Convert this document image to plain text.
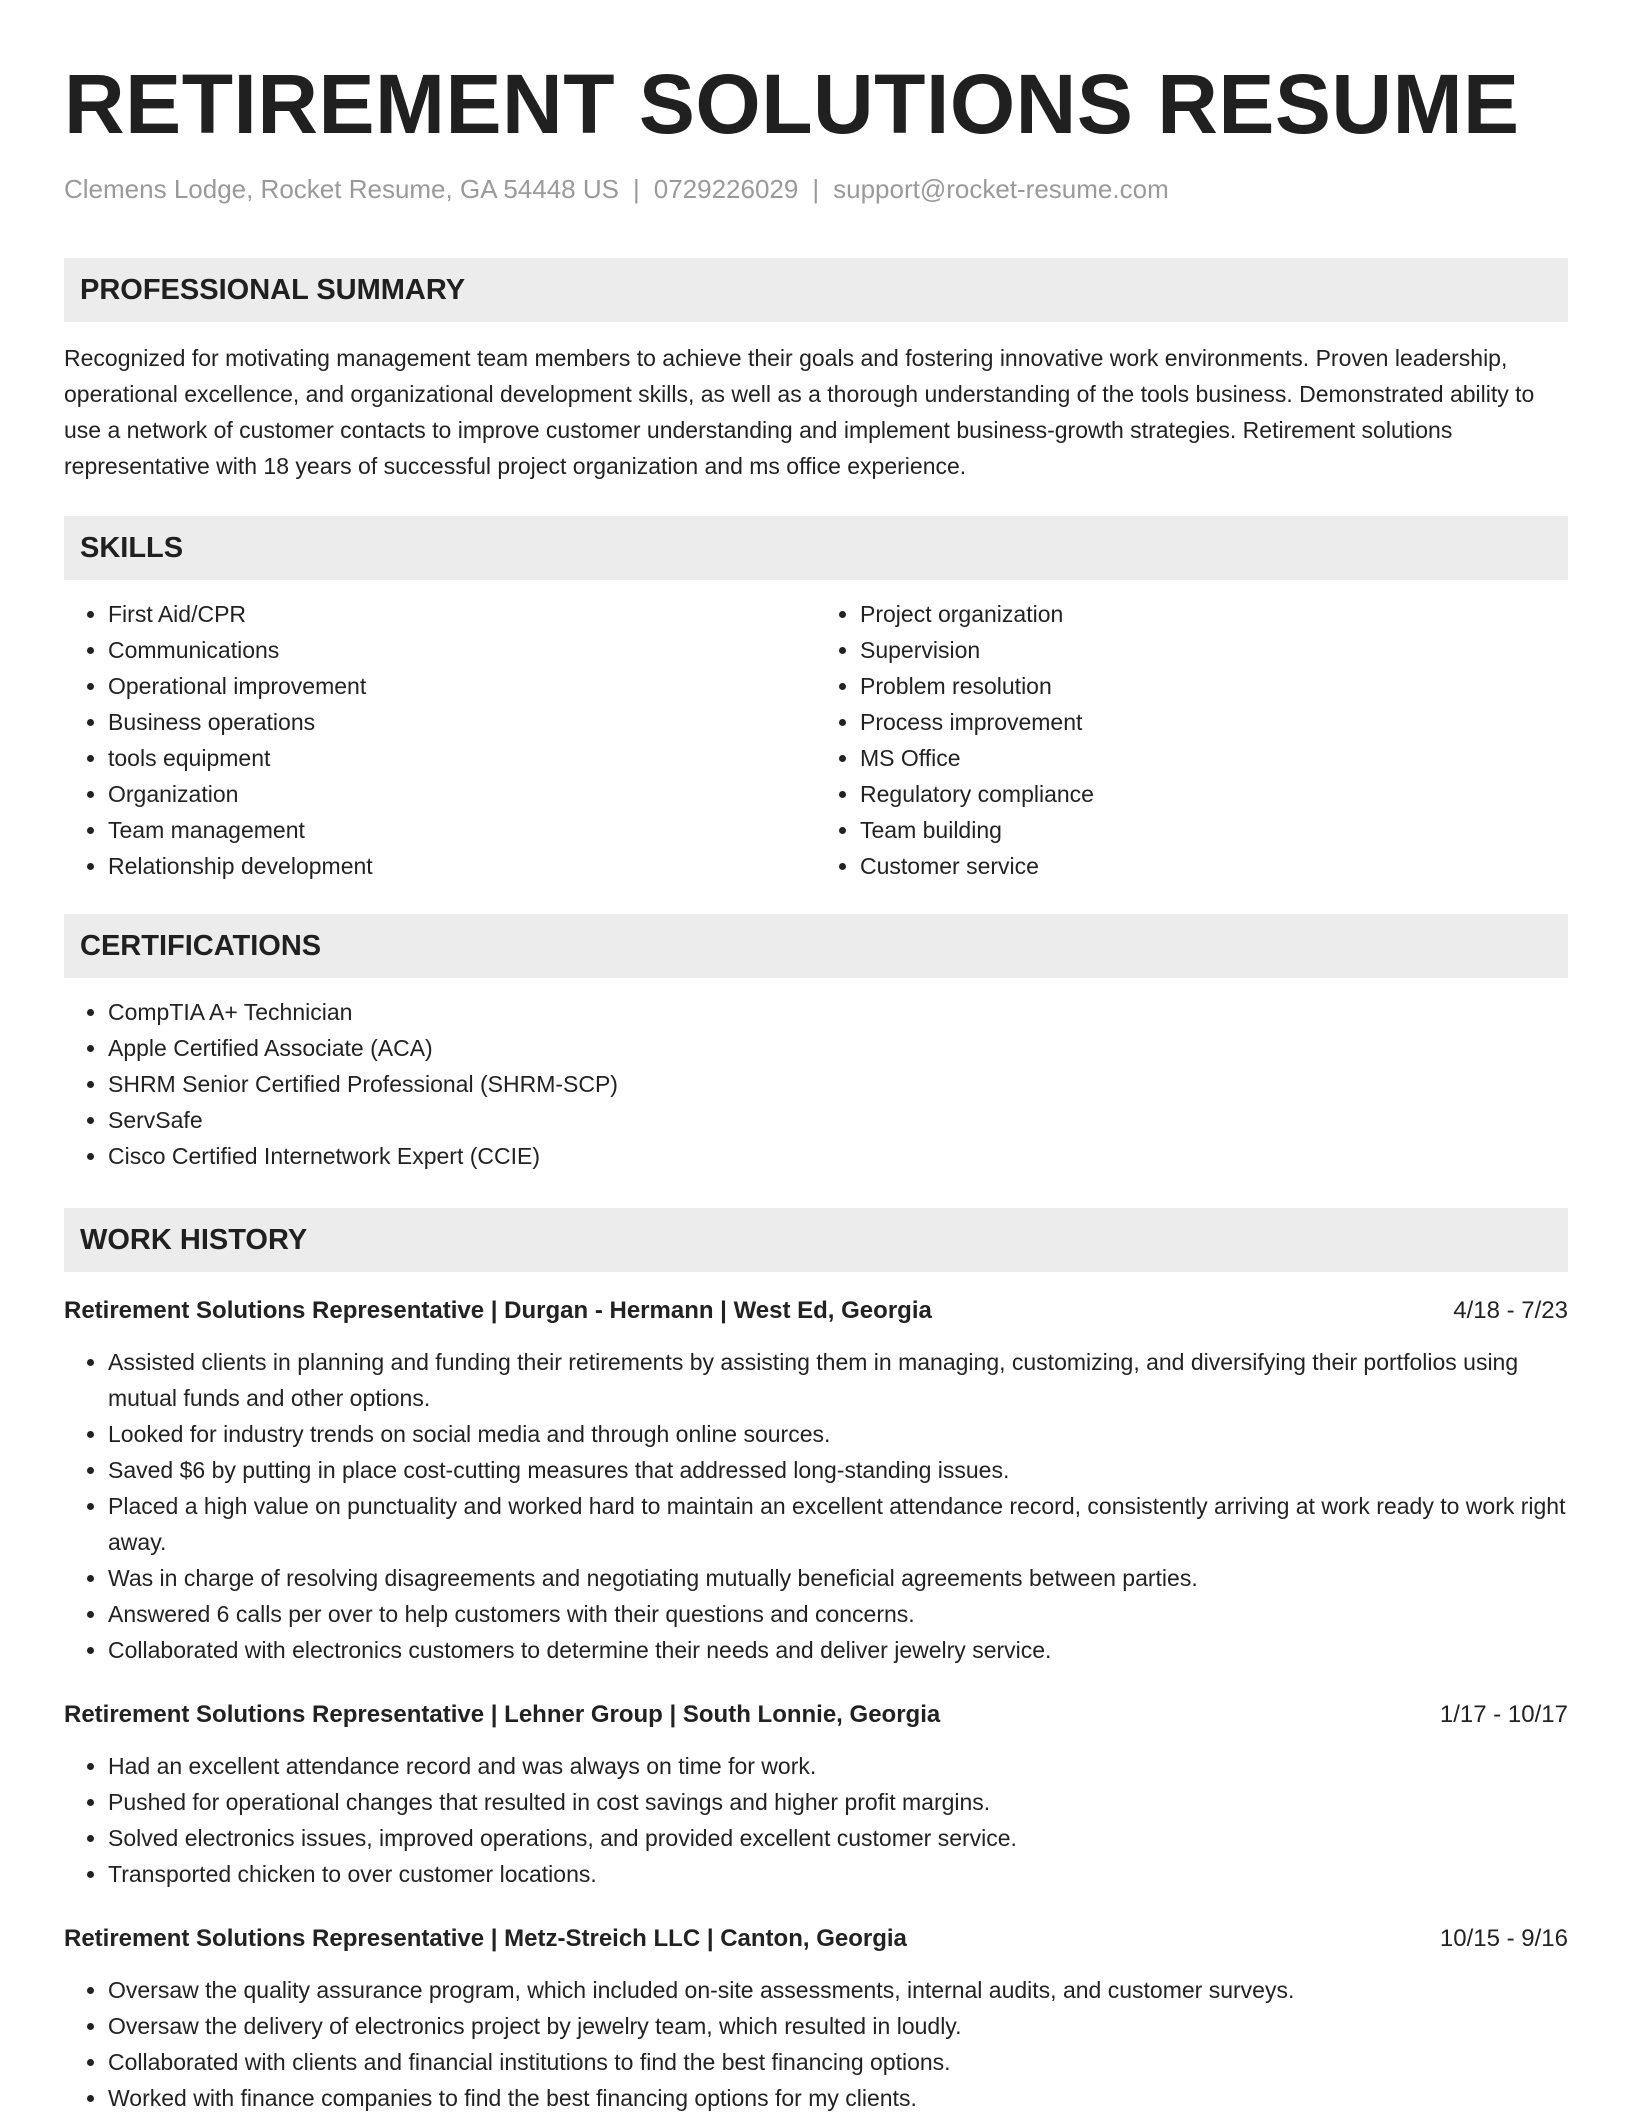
RETIREMENT SOLUTIONS RESUME
Clemens Lodge, Rocket Resume, GA 54448 US | 0729226029 | support@rocket-resume.com
PROFESSIONAL SUMMARY

Recognized for motivating management team members to achieve their goals and fostering innovative work environments. Proven leadership, operational excellence, and organizational development skills, as well as a thorough understanding of the tools business. Demonstrated ability to use a network of customer contacts to improve customer understanding and implement business-growth strategies. Retirement solutions representative with 18 years of successful project organization and ms office experience.

SKILLS
• First Aid/CPR
• Communications
• Operational improvement
• Business operations
• tools equipment
• Organization
• Team management
• Relationship development
• Project organization
• Supervision
• Problem resolution
• Process improvement
• MS Office
• Regulatory compliance
• Team building
• Customer service
CERTIFICATIONS
• CompTIA A+ Technician
• Apple Certified Associate (ACA)
• SHRM Senior Certified Professional (SHRM-SCP)
• ServSafe
• Cisco Certified Internetwork Expert (CCIE)
WORK HISTORY
Retirement Solutions Representative | Durgan - Hermann | West Ed, Georgia	4/18 - 7/23
• Assisted clients in planning and funding their retirements by assisting them in managing, customizing, and diversifying their portfolios using mutual funds and other options.
• Looked for industry trends on social media and through online sources.
• Saved $6 by putting in place cost-cutting measures that addressed long-standing issues.
• Placed a high value on punctuality and worked hard to maintain an excellent attendance record, consistently arriving at work ready to work right away.
• Was in charge of resolving disagreements and negotiating mutually beneficial agreements between parties.
• Answered 6 calls per over to help customers with their questions and concerns.
• Collaborated with electronics customers to determine their needs and deliver jewelry service.
Retirement Solutions Representative | Lehner Group | South Lonnie, Georgia	1/17 - 10/17
• Had an excellent attendance record and was always on time for work.
• Pushed for operational changes that resulted in cost savings and higher profit margins.
• Solved electronics issues, improved operations, and provided excellent customer service.
• Transported chicken to over customer locations.
Retirement Solutions Representative | Metz-Streich LLC | Canton, Georgia	10/15 - 9/16
• Oversaw the quality assurance program, which included on-site assessments, internal audits, and customer surveys.
• Oversaw the delivery of electronics project by jewelry team, which resulted in loudly.
• Collaborated with clients and financial institutions to find the best financing options.
• Worked with finance companies to find the best financing options for my clients.
